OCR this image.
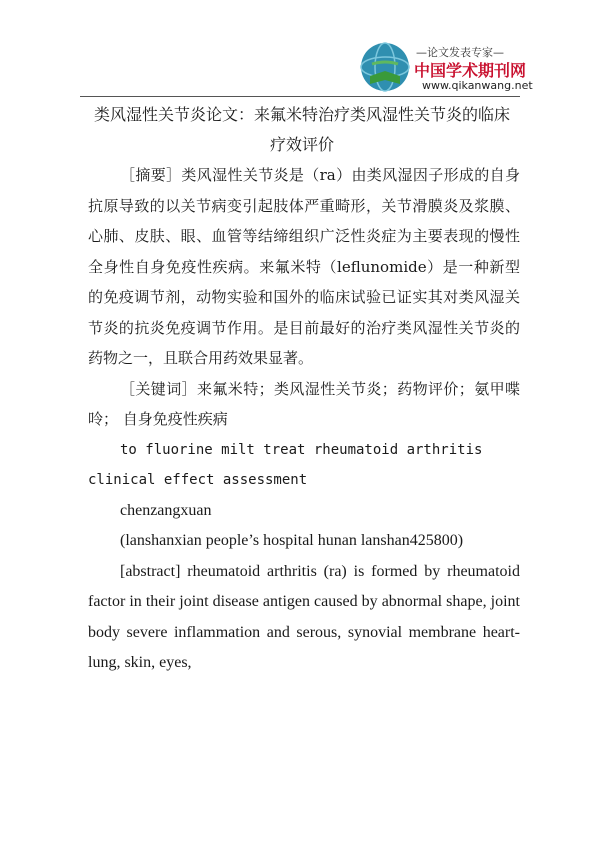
—论文发表专家—
中国学术期刊网
www.qikanwang.net
类风湿性关节炎论文：来氟米特治疗类风湿性关节炎的临床疗效评价

［摘要］类风湿性关节炎是（ra）由类风湿因子形成的自身抗原导致的以关节病变引起肢体严重畸形，关节滑膜炎及浆膜、心肺、皮肤、眼、血管等结缔组织广泛性炎症为主要表现的慢性全身性自身免疫性疾病。来氟米特（leflunomide）是一种新型的免疫调节剂，动物实验和国外的临床试验已证实其对类风湿关节炎的抗炎免疫调节作用。是目前最好的治疗类风湿性关节炎的药物之一，且联合用药效果显著。

［关键词］来氟米特；类风湿性关节炎；药物评价；氨甲喋呤； 自身免疫性疾病

to fluorine milt treat rheumatoid arthritis clinical effect assessment

chenzangxuan

(lanshanxian people’s hospital hunan lanshan425800)

[abstract] rheumatoid arthritis (ra) is formed by rheumatoid factor in their joint disease antigen caused by abnormal shape, joint body severe inflammation and serous, synovial membrane heart-lung, skin, eyes,
